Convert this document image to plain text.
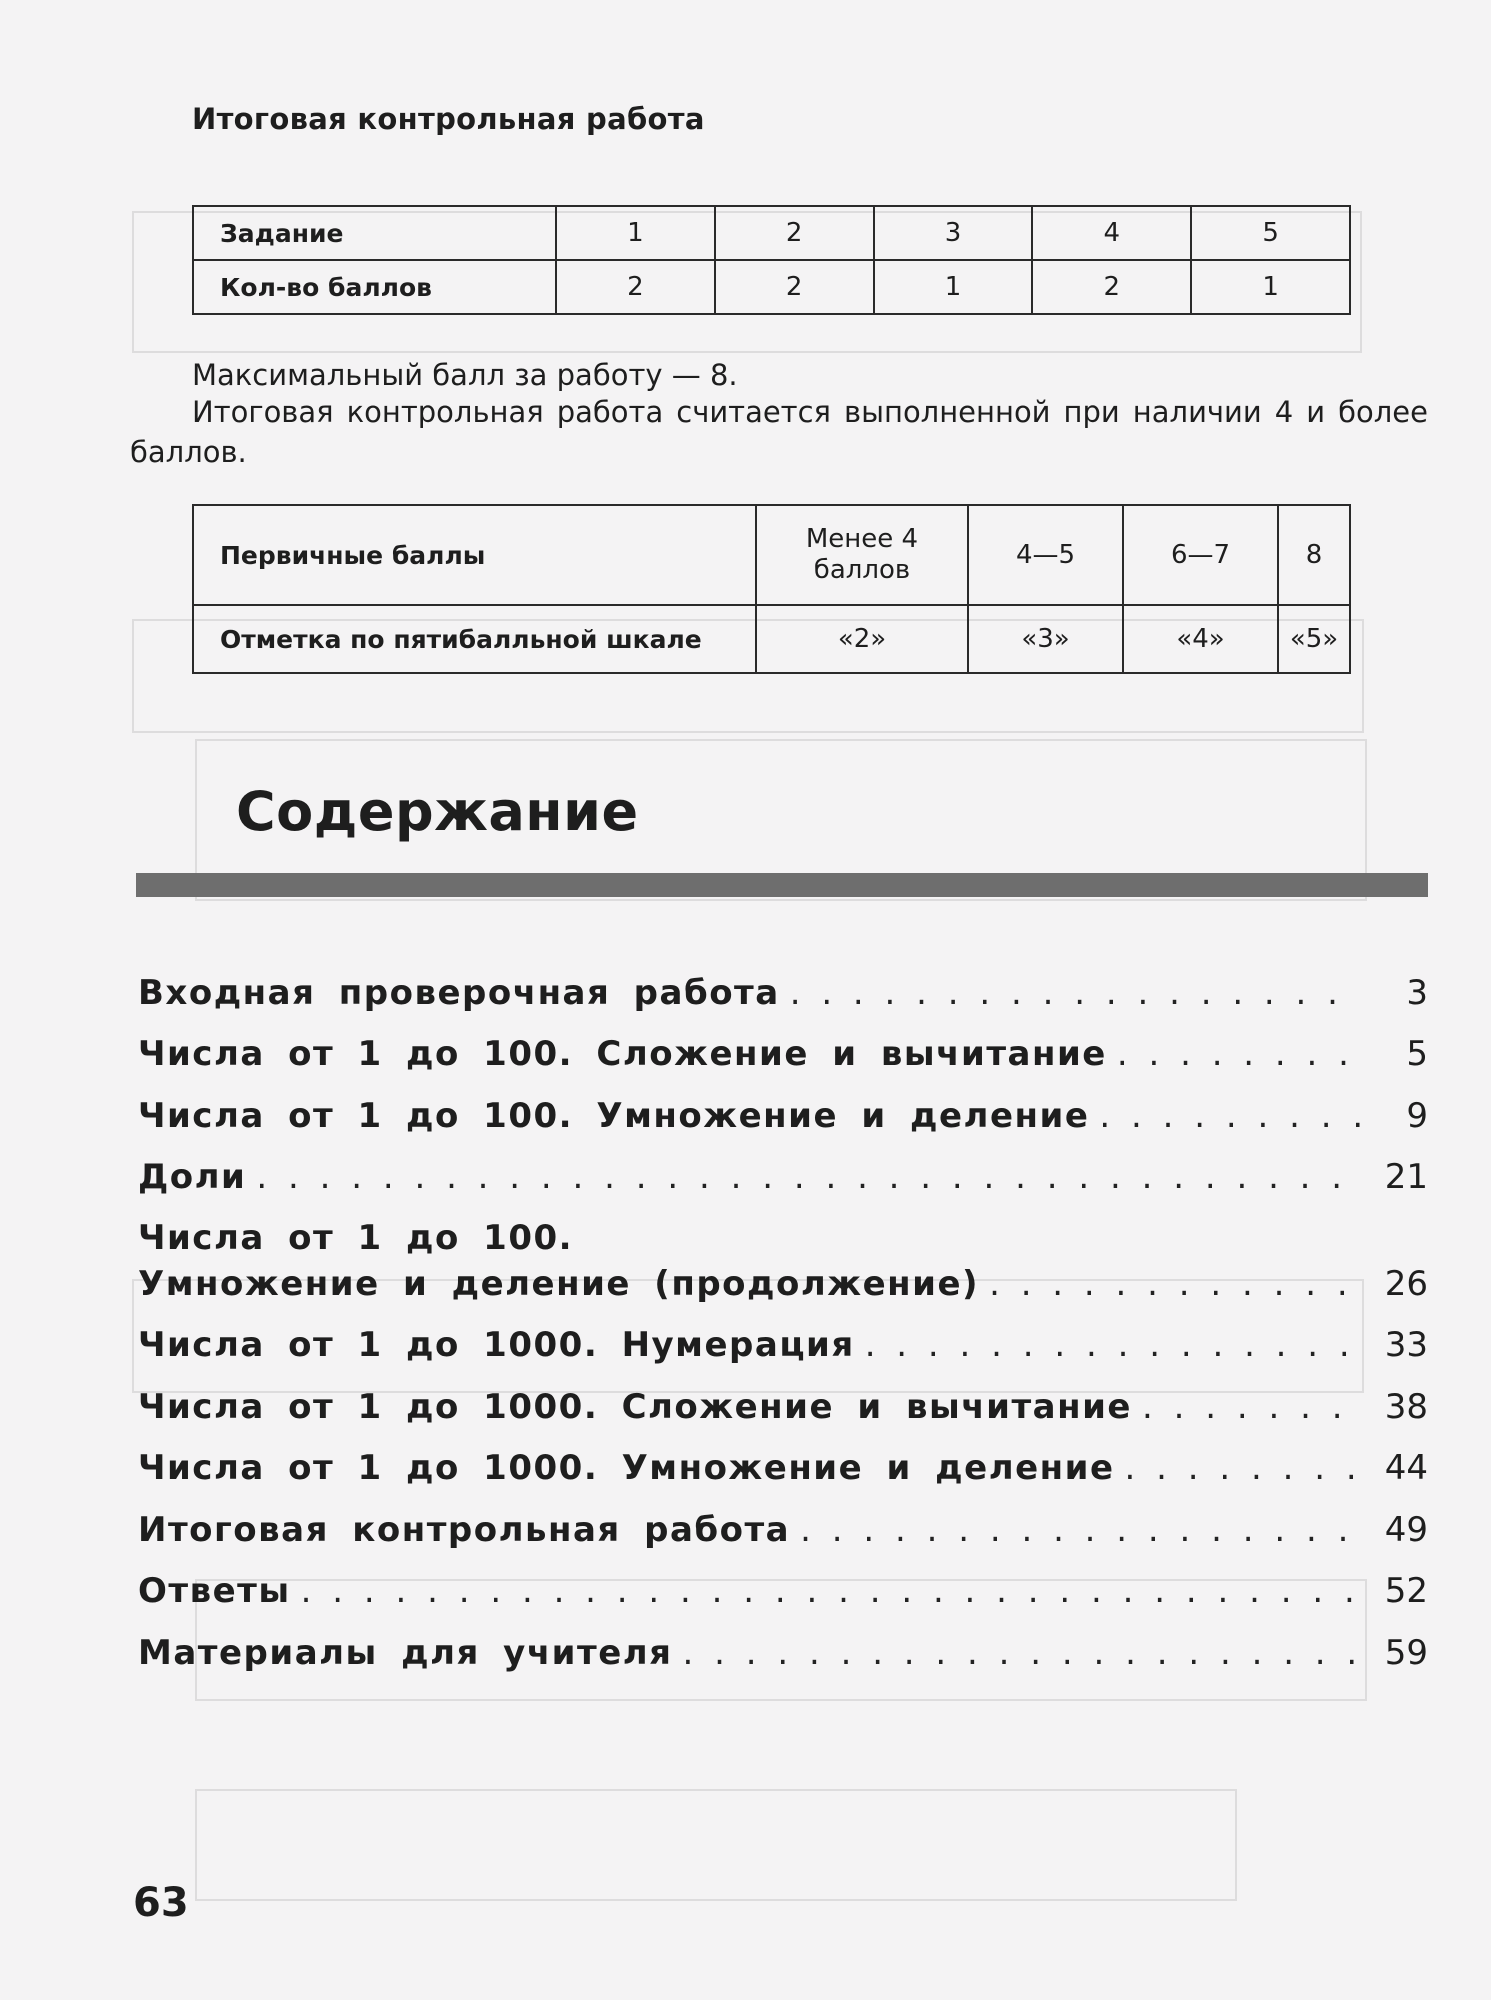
Итоговая контрольная работа
Задание	1	2	3	4	5
Кол-во баллов	2	2	1	2	1
Максимальный балл за работу — 8.
Итоговая контрольная работа считается выполненной при наличии 4 и более баллов.
Первичные баллы	Менее 4 баллов	4—5	6—7	8
Отметка по пятибалльной шкале	«2»	«3»	«4»	«5»
Содержание
Входная проверочная работа . . .	3
Числа от 1 до 100. Сложение и вычитание . . .	5
Числа от 1 до 100. Умножение и деление . . .	9
Доли . . .	21
Числа от 1 до 100.
Умножение и деление (продолжение) . . .	26
Числа от 1 до 1000. Нумерация . . .	33
Числа от 1 до 1000. Сложение и вычитание . . .	38
Числа от 1 до 1000. Умножение и деление . . .	44
Итоговая контрольная работа . . .	49
Ответы . . .	52
Материалы для учителя . . .	59
63
